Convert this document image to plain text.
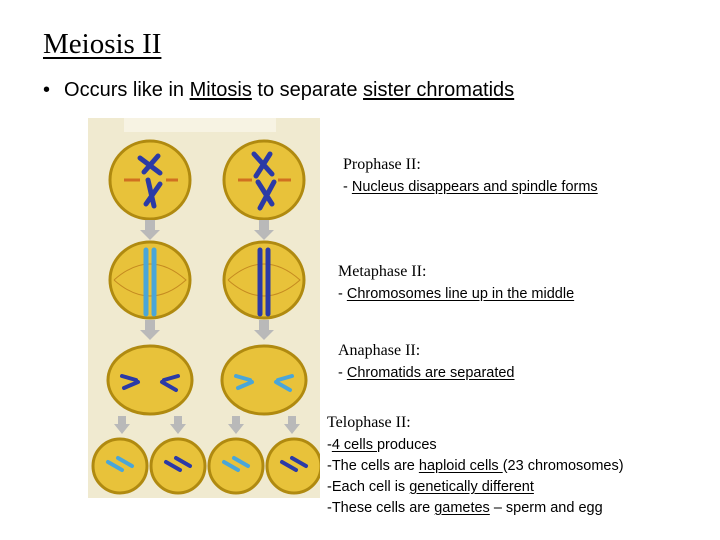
Meiosis II
• Occurs like in Mitosis to separate sister chromatids
Prophase II:
- Nucleus disappears and spindle forms
Metaphase II:
- Chromosomes line up in the middle
Anaphase II:
- Chromatids are separated
Telophase II:
-4 cells produces
-The cells are haploid cells (23 chromosomes)
-Each cell is genetically different
-These cells are gametes – sperm and egg
